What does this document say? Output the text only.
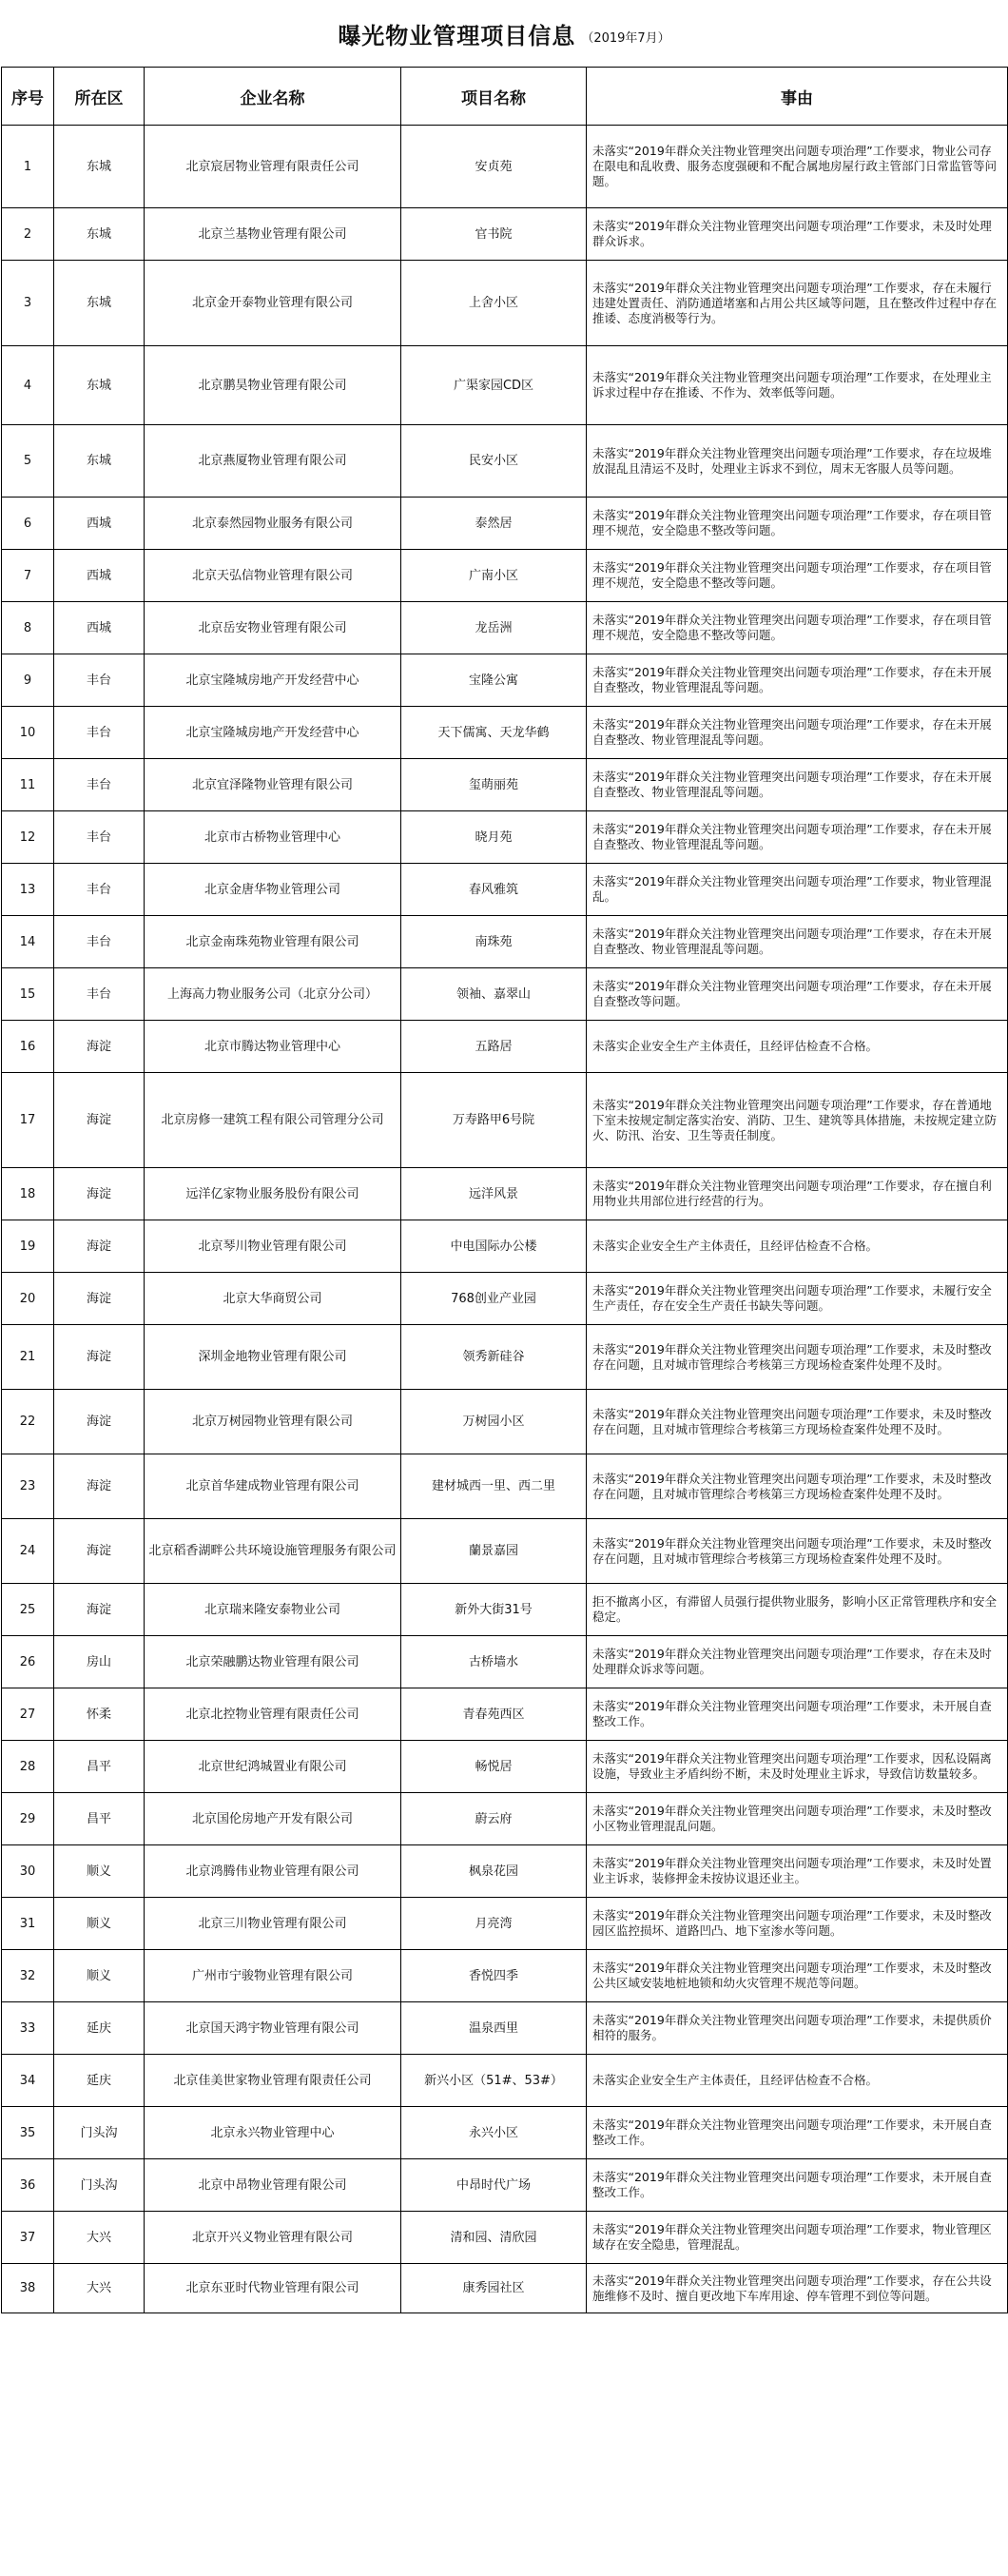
曝光物业管理项目信息 （2019年7月）
序号	所在区	企业名称	项目名称	事由
1	东城	北京宸居物业管理有限责任公司	安贞苑	未落实“2019年群众关注物业管理突出问题专项治理”工作要求，物业公司存在限电和乱收费、服务态度强硬和不配合属地房屋行政主管部门日常监管等问题。
2	东城	北京兰基物业管理有限公司	官书院	未落实“2019年群众关注物业管理突出问题专项治理”工作要求，未及时处理群众诉求。
3	东城	北京金开泰物业管理有限公司	上舍小区	未落实“2019年群众关注物业管理突出问题专项治理”工作要求，存在未履行违建处置责任、消防通道堵塞和占用公共区域等问题，且在整改件过程中存在推诿、态度消极等行为。
4	东城	北京鹏昊物业管理有限公司	广渠家园CD区	未落实“2019年群众关注物业管理突出问题专项治理”工作要求，在处理业主诉求过程中存在推诿、不作为、效率低等问题。
5	东城	北京燕厦物业管理有限公司	民安小区	未落实“2019年群众关注物业管理突出问题专项治理”工作要求，存在垃圾堆放混乱且清运不及时，处理业主诉求不到位，周末无客服人员等问题。
6	西城	北京泰然园物业服务有限公司	泰然居	未落实“2019年群众关注物业管理突出问题专项治理”工作要求，存在项目管理不规范，安全隐患不整改等问题。
7	西城	北京天弘信物业管理有限公司	广南小区	未落实“2019年群众关注物业管理突出问题专项治理”工作要求，存在项目管理不规范，安全隐患不整改等问题。
8	西城	北京岳安物业管理有限公司	龙岳洲	未落实“2019年群众关注物业管理突出问题专项治理”工作要求，存在项目管理不规范，安全隐患不整改等问题。
9	丰台	北京宝隆城房地产开发经营中心	宝隆公寓	未落实“2019年群众关注物业管理突出问题专项治理”工作要求，存在未开展自查整改，物业管理混乱等问题。
10	丰台	北京宝隆城房地产开发经营中心	天下儒寓、天龙华鹤	未落实“2019年群众关注物业管理突出问题专项治理”工作要求，存在未开展自查整改、物业管理混乱等问题。
11	丰台	北京宜泽隆物业管理有限公司	玺萌丽苑	未落实“2019年群众关注物业管理突出问题专项治理”工作要求，存在未开展自查整改、物业管理混乱等问题。
12	丰台	北京市古桥物业管理中心	晓月苑	未落实“2019年群众关注物业管理突出问题专项治理”工作要求，存在未开展自查整改、物业管理混乱等问题。
13	丰台	北京金唐华物业管理公司	春风雅筑	未落实“2019年群众关注物业管理突出问题专项治理”工作要求，物业管理混乱。
14	丰台	北京金南珠苑物业管理有限公司	南珠苑	未落实“2019年群众关注物业管理突出问题专项治理”工作要求，存在未开展自查整改、物业管理混乱等问题。
15	丰台	上海高力物业服务公司（北京分公司）	领袖、嘉翠山	未落实“2019年群众关注物业管理突出问题专项治理”工作要求，存在未开展自查整改等问题。
16	海淀	北京市腾达物业管理中心	五路居	未落实企业安全生产主体责任，且经评估检查不合格。
17	海淀	北京房修一建筑工程有限公司管理分公司	万寿路甲6号院	未落实“2019年群众关注物业管理突出问题专项治理”工作要求，存在普通地下室未按规定制定落实治安、消防、卫生、建筑等具体措施，未按规定建立防火、防汛、治安、卫生等责任制度。
18	海淀	远洋亿家物业服务股份有限公司	远洋风景	未落实“2019年群众关注物业管理突出问题专项治理”工作要求，存在擅自利用物业共用部位进行经营的行为。
19	海淀	北京琴川物业管理有限公司	中电国际办公楼	未落实企业安全生产主体责任，且经评估检查不合格。
20	海淀	北京大华商贸公司	768创业产业园	未落实“2019年群众关注物业管理突出问题专项治理”工作要求，未履行安全生产责任，存在安全生产责任书缺失等问题。
21	海淀	深圳金地物业管理有限公司	领秀新硅谷	未落实“2019年群众关注物业管理突出问题专项治理”工作要求，未及时整改存在问题，且对城市管理综合考核第三方现场检查案件处理不及时。
22	海淀	北京万树园物业管理有限公司	万树园小区	未落实“2019年群众关注物业管理突出问题专项治理”工作要求，未及时整改存在问题，且对城市管理综合考核第三方现场检查案件处理不及时。
23	海淀	北京首华建成物业管理有限公司	建材城西一里、西二里	未落实“2019年群众关注物业管理突出问题专项治理”工作要求，未及时整改存在问题，且对城市管理综合考核第三方现场检查案件处理不及时。
24	海淀	北京稻香湖畔公共环境设施管理服务有限公司	蘭景嘉园	未落实“2019年群众关注物业管理突出问题专项治理”工作要求，未及时整改存在问题，且对城市管理综合考核第三方现场检查案件处理不及时。
25	海淀	北京瑞来隆安泰物业公司	新外大街31号	拒不撤离小区，有滞留人员强行提供物业服务，影响小区正常管理秩序和安全稳定。
26	房山	北京荣融鹏达物业管理有限公司	古桥墙水	未落实“2019年群众关注物业管理突出问题专项治理”工作要求，存在未及时处理群众诉求等问题。
27	怀柔	北京北控物业管理有限责任公司	青春苑西区	未落实“2019年群众关注物业管理突出问题专项治理”工作要求，未开展自查整改工作。
28	昌平	北京世纪鸿城置业有限公司	畅悦居	未落实“2019年群众关注物业管理突出问题专项治理”工作要求，因私设隔离设施，导致业主矛盾纠纷不断，未及时处理业主诉求，导致信访数量较多。
29	昌平	北京国伦房地产开发有限公司	蔚云府	未落实“2019年群众关注物业管理突出问题专项治理”工作要求，未及时整改小区物业管理混乱问题。
30	顺义	北京鸿腾伟业物业管理有限公司	枫泉花园	未落实“2019年群众关注物业管理突出问题专项治理”工作要求，未及时处置业主诉求，装修押金未按协议退还业主。
31	顺义	北京三川物业管理有限公司	月亮湾	未落实“2019年群众关注物业管理突出问题专项治理”工作要求，未及时整改园区监控损坏、道路凹凸、地下室渗水等问题。
32	顺义	广州市宁骏物业管理有限公司	香悦四季	未落实“2019年群众关注物业管理突出问题专项治理”工作要求，未及时整改公共区域安装地桩地锁和幼火灾管理不规范等问题。
33	延庆	北京国天鸿宇物业管理有限公司	温泉西里	未落实“2019年群众关注物业管理突出问题专项治理”工作要求，未提供质价相符的服务。
34	延庆	北京佳美世家物业管理有限责任公司	新兴小区（51#、53#）	未落实企业安全生产主体责任，且经评估检查不合格。
35	门头沟	北京永兴物业管理中心	永兴小区	未落实“2019年群众关注物业管理突出问题专项治理”工作要求，未开展自查整改工作。
36	门头沟	北京中昂物业管理有限公司	中昂时代广场	未落实“2019年群众关注物业管理突出问题专项治理”工作要求，未开展自查整改工作。
37	大兴	北京开兴义物业管理有限公司	清和园、清欣园	未落实“2019年群众关注物业管理突出问题专项治理”工作要求，物业管理区域存在安全隐患，管理混乱。
38	大兴	北京东亚时代物业管理有限公司	康秀园社区	未落实“2019年群众关注物业管理突出问题专项治理”工作要求，存在公共设施维修不及时、擅自更改地下车库用途、停车管理不到位等问题。
